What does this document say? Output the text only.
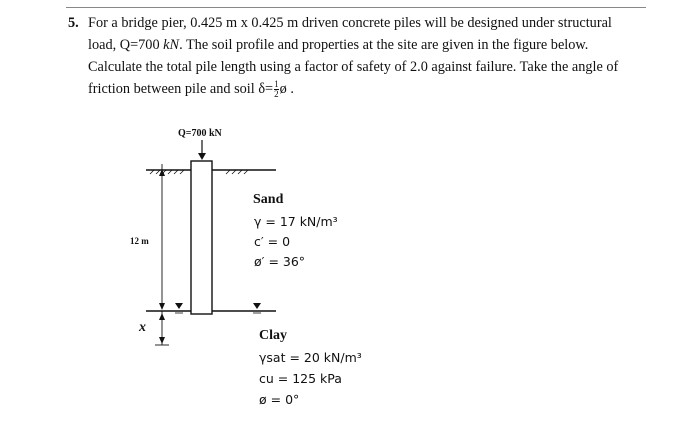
5. For a bridge pier, 0.425 m x 0.425 m driven concrete piles will be designed under structural
load, Q=700 kN. The soil profile and properties at the site are given in the figure below.
Calculate the total pile length using a factor of safety of 2.0 against failure. Take the angle of
friction between pile and soil $\delta= \frac{1}{2}$ ø .
Q=700 kN
12 m
x
Sand
γ = 17 kN/m³
c′ = 0
ø′ = 36°
Clay
γsat = 20 kN/m³
cu = 125 kPa
ø = 0°
